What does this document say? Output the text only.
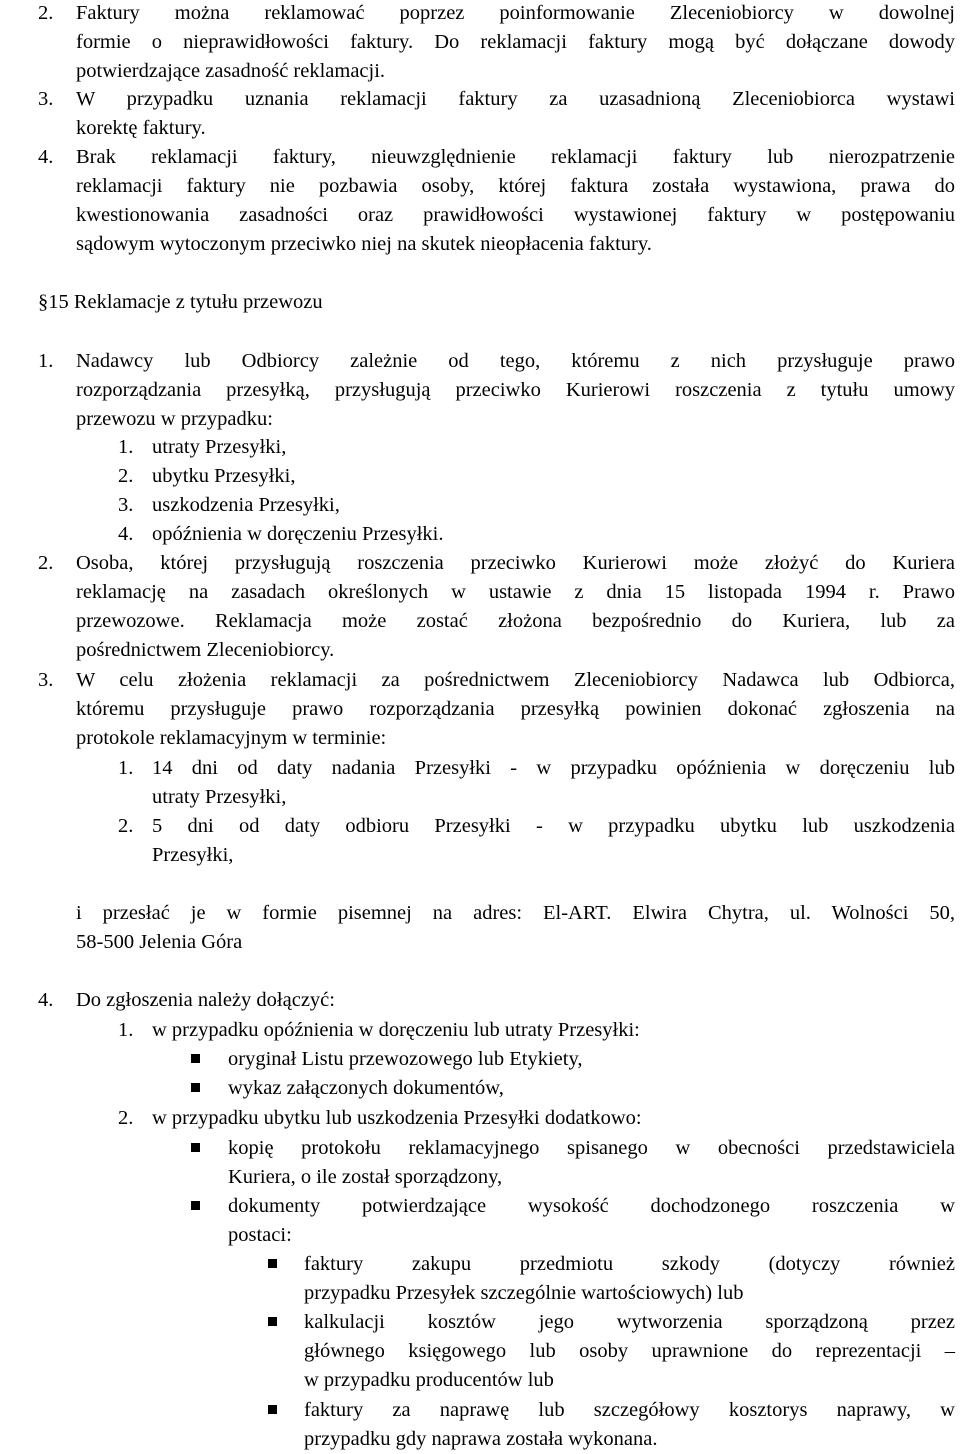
2. Faktury można reklamować poprzez poinformowanie Zleceniobiorcy w dowolnej
formie o nieprawidłowości faktury. Do reklamacji faktury mogą być dołączane dowody
potwierdzające zasadność reklamacji.
3. W przypadku uznania reklamacji faktury za uzasadnioną Zleceniobiorca wystawi
korektę faktury.
4. Brak reklamacji faktury, nieuwzględnienie reklamacji faktury lub nierozpatrzenie
reklamacji faktury nie pozbawia osoby, której faktura została wystawiona, prawa do
kwestionowania zasadności oraz prawidłowości wystawionej faktury w postępowaniu
sądowym wytoczonym przeciwko niej na skutek nieopłacenia faktury.
§15 Reklamacje z tytułu przewozu
1. Nadawcy lub Odbiorcy zależnie od tego, któremu z nich przysługuje prawo
rozporządzania przesyłką, przysługują przeciwko Kurierowi roszczenia z tytułu umowy
przewozu w przypadku:
1. utraty Przesyłki,
2. ubytku Przesyłki,
3. uszkodzenia Przesyłki,
4. opóźnienia w doręczeniu Przesyłki.
2. Osoba, której przysługują roszczenia przeciwko Kurierowi może złożyć do Kuriera
reklamację na zasadach określonych w ustawie z dnia 15 listopada 1994 r. Prawo
przewozowe. Reklamacja może zostać złożona bezpośrednio do Kuriera, lub za
pośrednictwem Zleceniobiorcy.
3. W celu złożenia reklamacji za pośrednictwem Zleceniobiorcy Nadawca lub Odbiorca,
któremu przysługuje prawo rozporządzania przesyłką powinien dokonać zgłoszenia na
protokole reklamacyjnym w terminie:
1. 14 dni od daty nadania Przesyłki - w przypadku opóźnienia w doręczeniu lub
utraty Przesyłki,
2. 5 dni od daty odbioru Przesyłki - w przypadku ubytku lub uszkodzenia
Przesyłki,
i przesłać je w formie pisemnej na adres: El-ART. Elwira Chytra, ul. Wolności 50,
58-500 Jelenia Góra
4. Do zgłoszenia należy dołączyć:
1. w przypadku opóźnienia w doręczeniu lub utraty Przesyłki:
oryginał Listu przewozowego lub Etykiety,
wykaz załączonych dokumentów,
2. w przypadku ubytku lub uszkodzenia Przesyłki dodatkowo:
kopię protokołu reklamacyjnego spisanego w obecności przedstawiciela
Kuriera, o ile został sporządzony,
dokumenty potwierdzające wysokość dochodzonego roszczenia w
postaci:
faktury zakupu przedmiotu szkody (dotyczy również
przypadku Przesyłek szczególnie wartościowych) lub
kalkulacji kosztów jego wytworzenia sporządzoną przez
głównego księgowego lub osoby uprawnione do reprezentacji –
w przypadku producentów lub
faktury za naprawę lub szczegółowy kosztorys naprawy, w
przypadku gdy naprawa została wykonana.
